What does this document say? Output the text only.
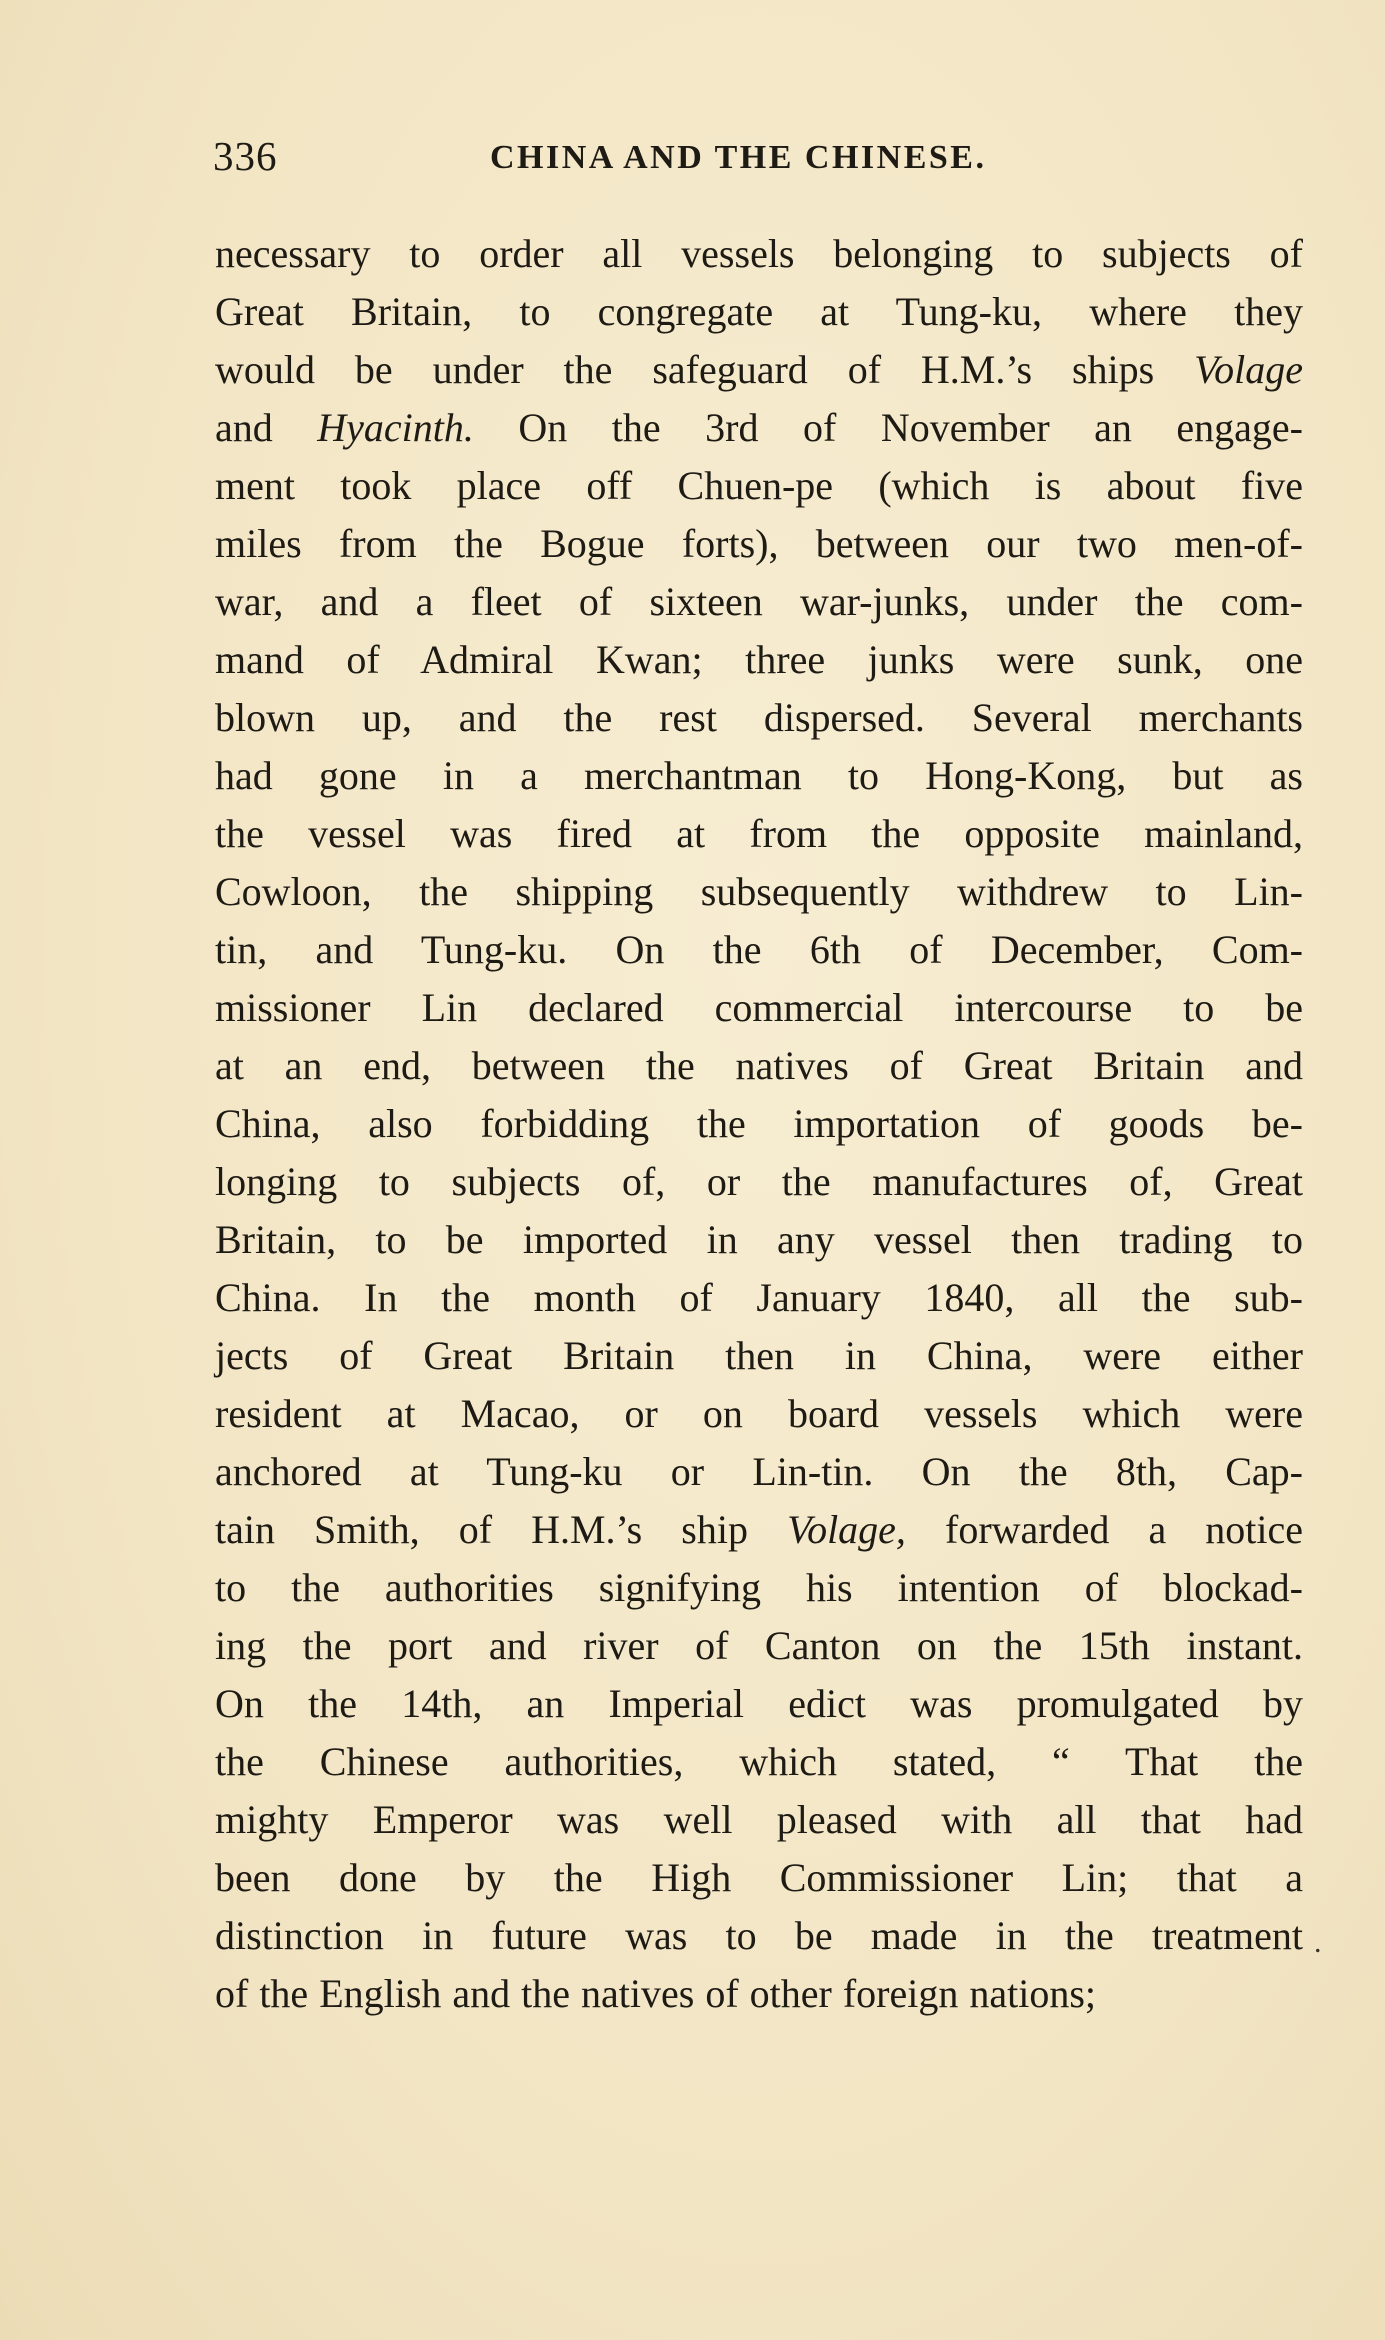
336	CHINA AND THE CHINESE.
necessary to order all vessels belonging to subjects of
Great Britain, to congregate at Tung-ku, where they
would be under the safeguard of H.M.’s ships Volage
and Hyacinth. On the 3rd of November an engage-
ment took place off Chuen-pe (which is about five
miles from the Bogue forts), between our two men-of-
war, and a fleet of sixteen war-junks, under the com-
mand of Admiral Kwan; three junks were sunk, one
blown up, and the rest dispersed. Several merchants
had gone in a merchantman to Hong-Kong, but as
the vessel was fired at from the opposite mainland,
Cowloon, the shipping subsequently withdrew to Lin-
tin, and Tung-ku. On the 6th of December, Com-
missioner Lin declared commercial intercourse to be
at an end, between the natives of Great Britain and
China, also forbidding the importation of goods be-
longing to subjects of, or the manufactures of, Great
Britain, to be imported in any vessel then trading to
China. In the month of January 1840, all the sub-
jects of Great Britain then in China, were either
resident at Macao, or on board vessels which were
anchored at Tung-ku or Lin-tin. On the 8th, Cap-
tain Smith, of H.M.’s ship Volage, forwarded a notice
to the authorities signifying his intention of blockad-
ing the port and river of Canton on the 15th instant.
On the 14th, an Imperial edict was promulgated by
the Chinese authorities, which stated, “ That the
mighty Emperor was well pleased with all that had
been done by the High Commissioner Lin; that a
distinction in future was to be made in the treatment
of the English and the natives of other foreign nations;
.
